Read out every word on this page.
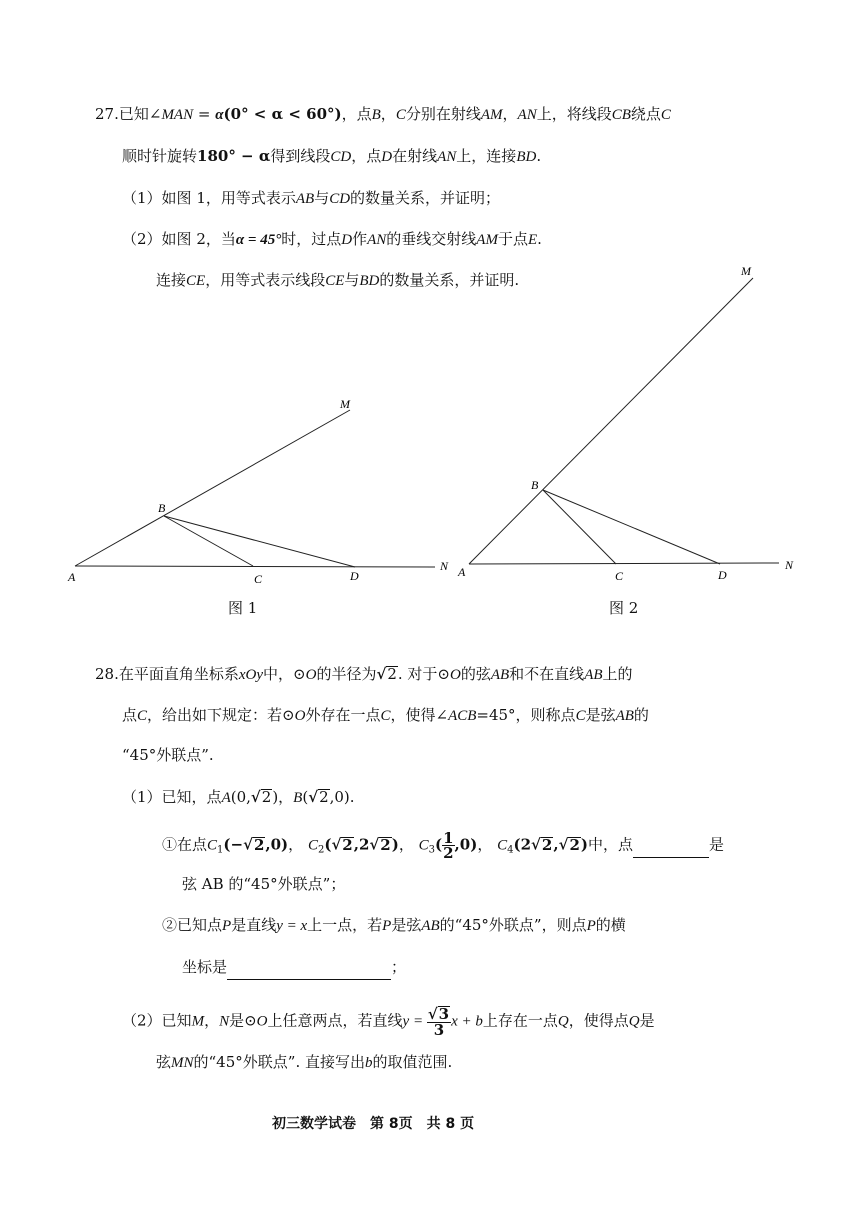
27.已知∠MAN = α(0° < α < 60°)，点B，C分别在射线AM，AN上，将线段CB绕点C
顺时针旋转180° − α得到线段CD，点D在射线AN上，连接BD.
（1）如图 1，用等式表示AB与CD的数量关系，并证明；
（2）如图 2，当α = 45°时，过点D作AN的垂线交射线AM于点E.
连接CE，用等式表示线段CE与BD的数量关系，并证明.
M
B
A	C	D
N
图 1
M
B
A	C	D
N
图 2
28.在平面直角坐标系xOy中，⊙O的半径为√2. 对于⊙O的弦AB和不在直线AB上的
点C，给出如下规定：若⊙O外存在一点C，使得∠ACB=45°，则称点C是弦AB的
“45°外联点”.
（1）已知，点A(0,√2)，B(√2,0).
①在点$C_1(-√2,0)$， $C_2(√2,2√2)$， $C_3( \frac{1}{2} ,0)$， $C_4(2√2,√2)$中，点	是
弦 AB 的“45°外联点”；
②已知点P是直线y = x上一点，若P是弦AB的“45°外联点”，则点P的横
坐标是	；
（2）已知M，N是⊙O上任意两点，若直线$y = \frac{√3}{3}$ x + b上存在一点Q，使得点Q是
弦MN的“45°外联点”. 直接写出b的取值范围.
初三数学试卷　第 8页　共 8 页
